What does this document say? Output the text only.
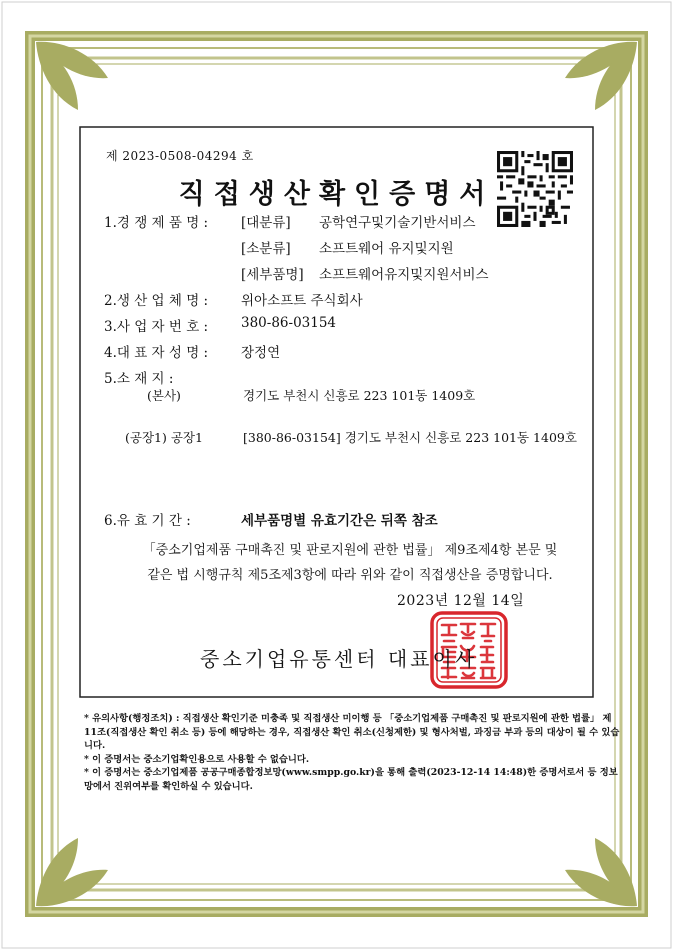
제 2023-0508-04294 호
직접생산확인증명서
1.경 쟁 제 품 명 :	[대분류] 공학연구및기술기반서비스
[소분류] 소프트웨어 유지및지원
[세부품명] 소프트웨어유지및지원서비스
2.생 산 업 체 명 :	위아소프트 주식회사
3.사 업 자 번 호 :	380-86-03154
4.대 표 자 성 명 :	장정연
5.소 재 지 :
(본사)	경기도 부천시 신흥로 223 101동 1409호
(공장1) 공장1	[380-86-03154] 경기도 부천시 신흥로 223 101동 1409호
6.유 효 기 간 :	세부품명별 유효기간은 뒤쪽 참조
「중소기업제품 구매촉진 및 판로지원에 관한 법률」 제9조제4항 본문 및
같은 법 시행규칙 제5조제3항에 따라 위와 같이 직접생산을 증명합니다.
2023년 12월 14일
중소기업유통센터 대표이사
* 유의사항(행정조치) : 직접생산 확인기준 미충족 및 직접생산 미이행 등 「중소기업제품 구매촉진 및 판로지원에 관한 법률」 제11조(직접생산 확인 취소 등) 등에 해당하는 경우, 직접생산 확인 취소(신청제한) 및 형사처벌, 과징금 부과 등의 대상이 될 수 있습니다.
* 이 증명서는 중소기업확인용으로 사용할 수 없습니다.
* 이 증명서는 중소기업제품 공공구매종합정보망(www.smpp.go.kr)을 통해 출력(2023-12-14 14:48)한 증명서로서 등 정보망에서 진위여부를 확인하실 수 있습니다.
